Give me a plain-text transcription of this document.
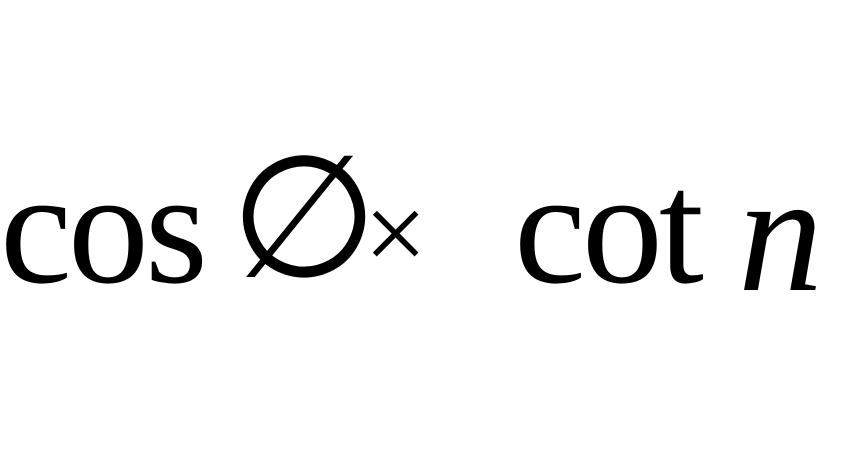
cos ∅
× cot n
